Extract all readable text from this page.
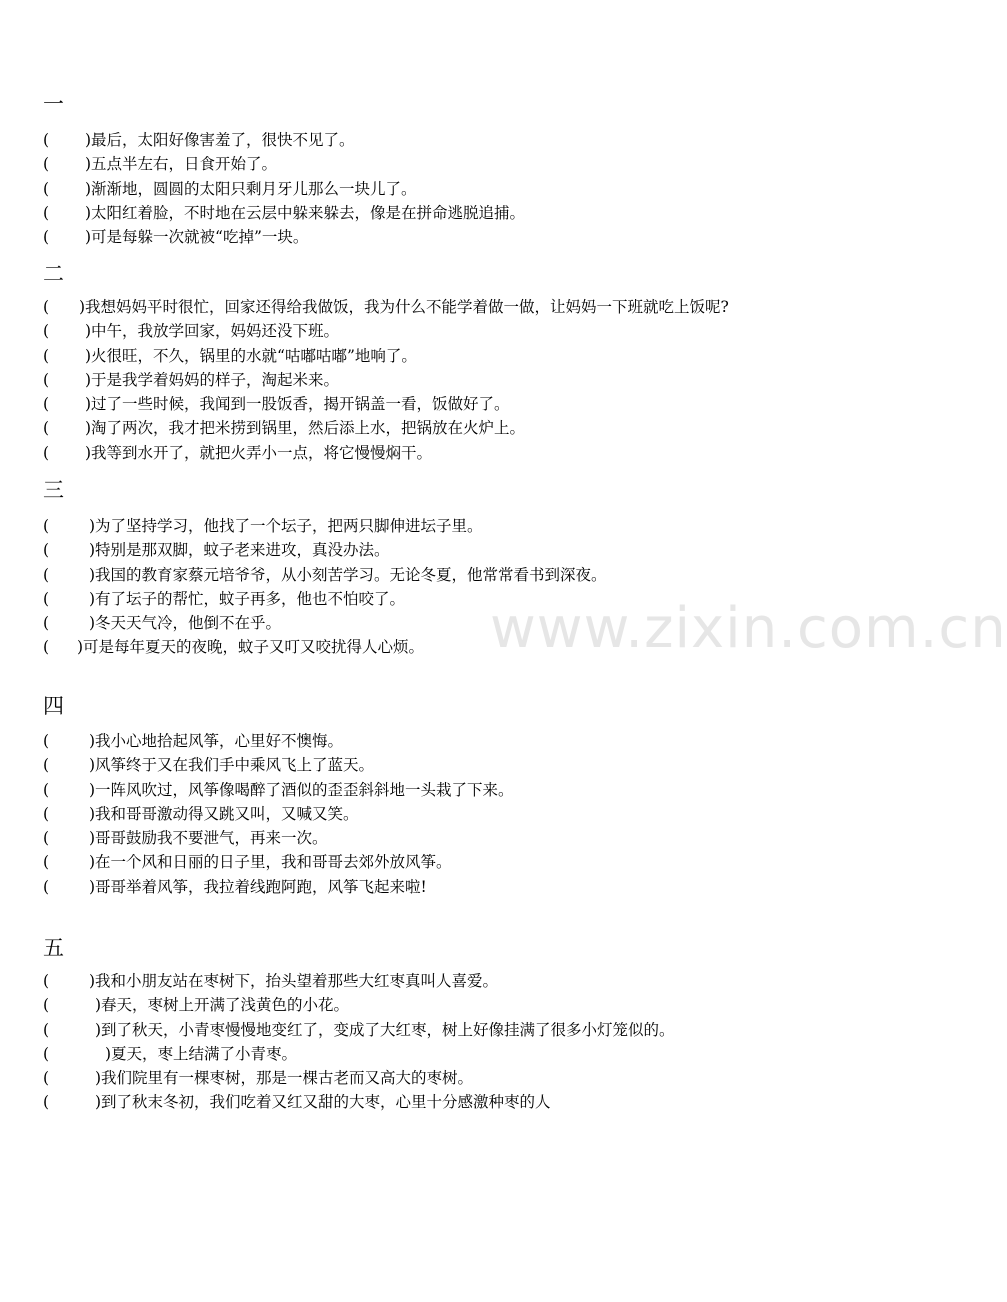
www.zixin.com.cn
一
( )最后，太阳好像害羞了，很快不见了。
( )五点半左右，日食开始了。
( )渐渐地，圆圆的太阳只剩月牙儿那么一块儿了。
( )太阳红着脸，不时地在云层中躲来躲去，像是在拼命逃脱追捕。
( )可是每躲一次就被“吃掉”一块。
二
( )我想妈妈平时很忙，回家还得给我做饭，我为什么不能学着做一做，让妈妈一下班就吃上饭呢?
( )中午，我放学回家，妈妈还没下班。
( )火很旺，不久，锅里的水就“咕嘟咕嘟”地响了。
( )于是我学着妈妈的样子，淘起米来。
( )过了一些时候，我闻到一股饭香，揭开锅盖一看，饭做好了。
( )淘了两次，我才把米捞到锅里，然后添上水，把锅放在火炉上。
( )我等到水开了，就把火弄小一点，将它慢慢焖干。
三
(	)为了坚持学习，他找了一个坛子，把两只脚伸进坛子里。
(	)特别是那双脚，蚊子老来进攻，真没办法。
(	)我国的教育家蔡元培爷爷，从小刻苦学习。无论冬夏，他常常看书到深夜。
(	)有了坛子的帮忙，蚊子再多，他也不怕咬了。
(	)冬天天气冷，他倒不在乎。
( )可是每年夏天的夜晚，蚊子又叮又咬扰得人心烦。
四
(	)我小心地拾起风筝，心里好不懊悔。
(	)风筝终于又在我们手中乘风飞上了蓝天。
(	)一阵风吹过，风筝像喝醉了酒似的歪歪斜斜地一头栽了下来。
(	)我和哥哥激动得又跳又叫，又喊又笑。
(	)哥哥鼓励我不要泄气，再来一次。
(	)在一个风和日丽的日子里，我和哥哥去郊外放风筝。
(	)哥哥举着风筝，我拉着线跑阿跑，风筝飞起来啦!
五
(	)我和小朋友站在枣树下，抬头望着那些大红枣真叫人喜爱。
(	)春天，枣树上开满了浅黄色的小花。
(	)到了秋天，小青枣慢慢地变红了，变成了大红枣，树上好像挂满了很多小灯笼似的。
(	)夏天，枣上结满了小青枣。
(	)我们院里有一棵枣树，那是一棵古老而又高大的枣树。
(	)到了秋末冬初，我们吃着又红又甜的大枣，心里十分感激种枣的人
